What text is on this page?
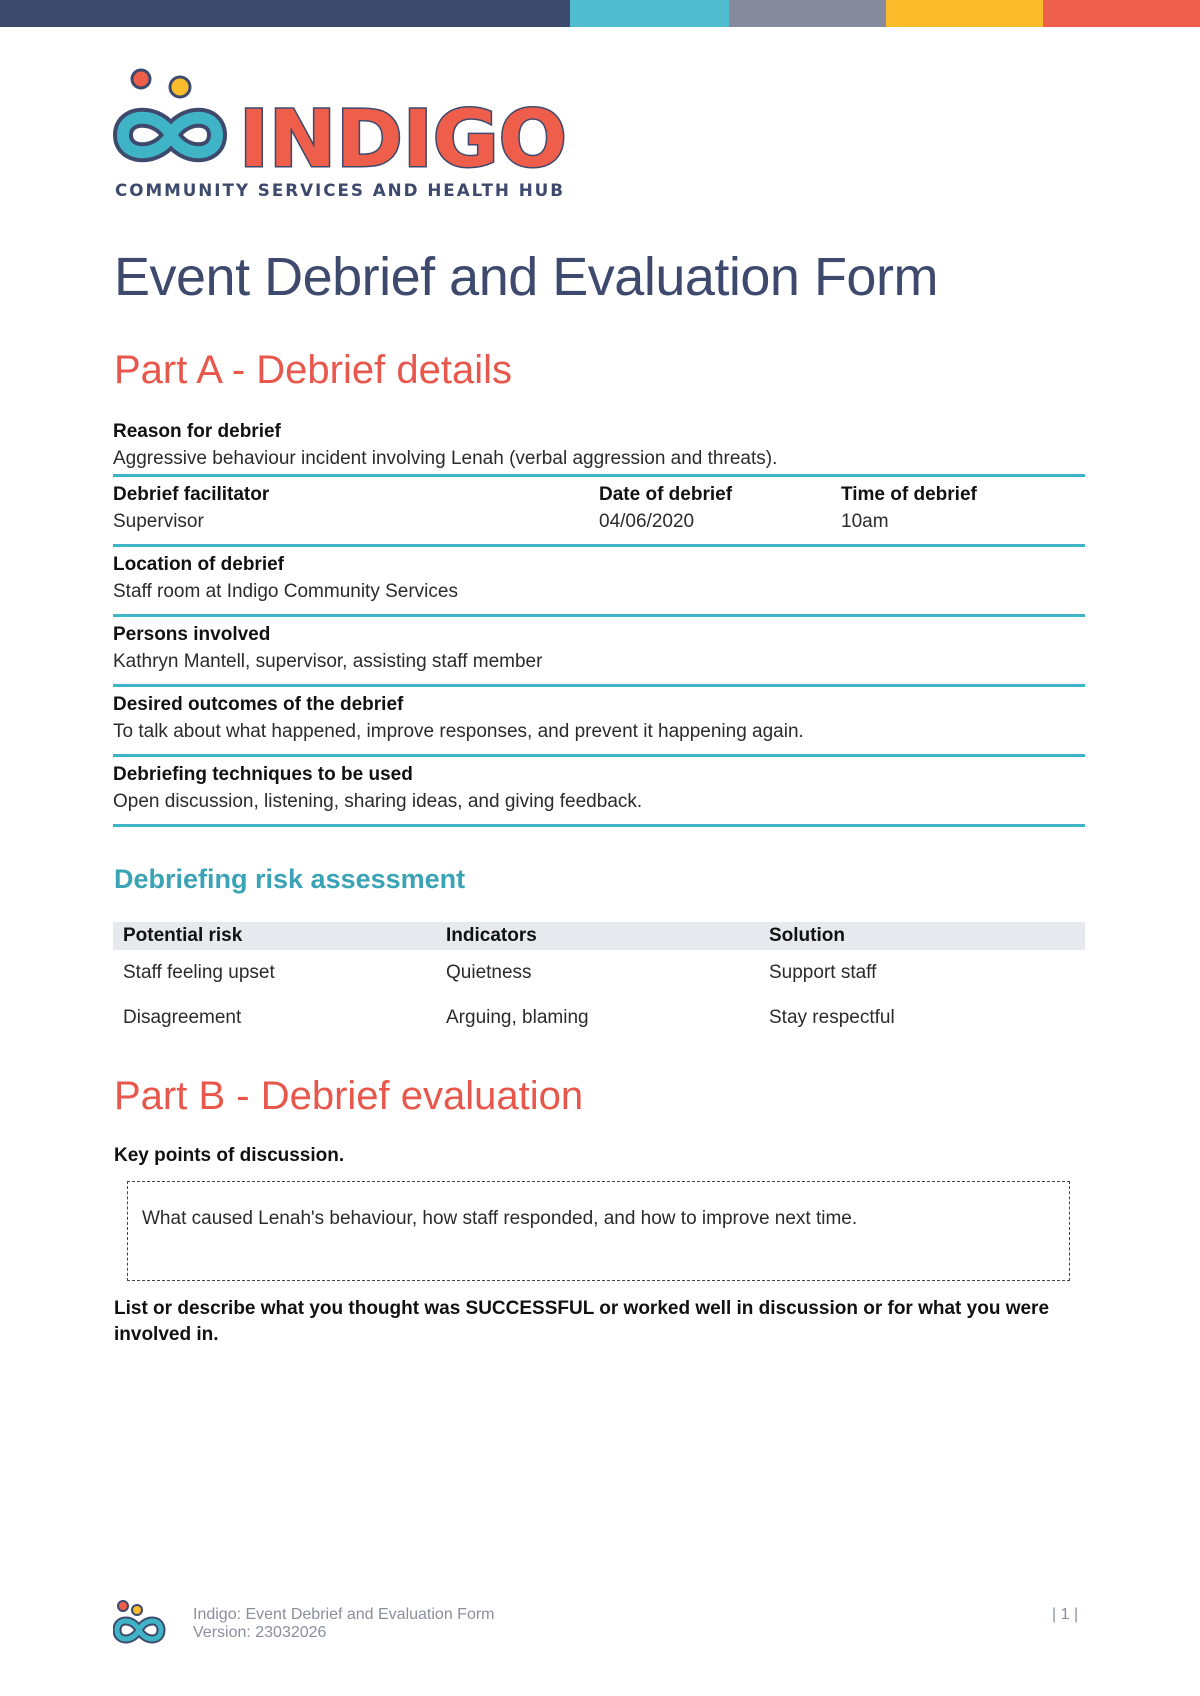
INDIGO
COMMUNITY SERVICES AND HEALTH HUB
Event Debrief and Evaluation Form
Part A - Debrief details
Reason for debrief
Aggressive behaviour incident involving Lenah (verbal aggression and threats).
Debrief facilitator
Supervisor
Date of debrief
04/06/2020
Time of debrief
10am
Location of debrief
Staff room at Indigo Community Services
Persons involved
Kathryn Mantell, supervisor, assisting staff member
Desired outcomes of the debrief
To talk about what happened, improve responses, and prevent it happening again.
Debriefing techniques to be used
Open discussion, listening, sharing ideas, and giving feedback.
Debriefing risk assessment
Potential risk	Indicators	Solution
Staff feeling upset	Quietness	Support staff
Disagreement	Arguing, blaming	Stay respectful
Part B - Debrief evaluation
Key points of discussion.
What caused Lenah's behaviour, how staff responded, and how to improve next time.
List or describe what you thought was SUCCESSFUL or worked well in discussion or for what you were involved in.
Indigo: Event Debrief and Evaluation Form
Version: 23032026
| 1 |
